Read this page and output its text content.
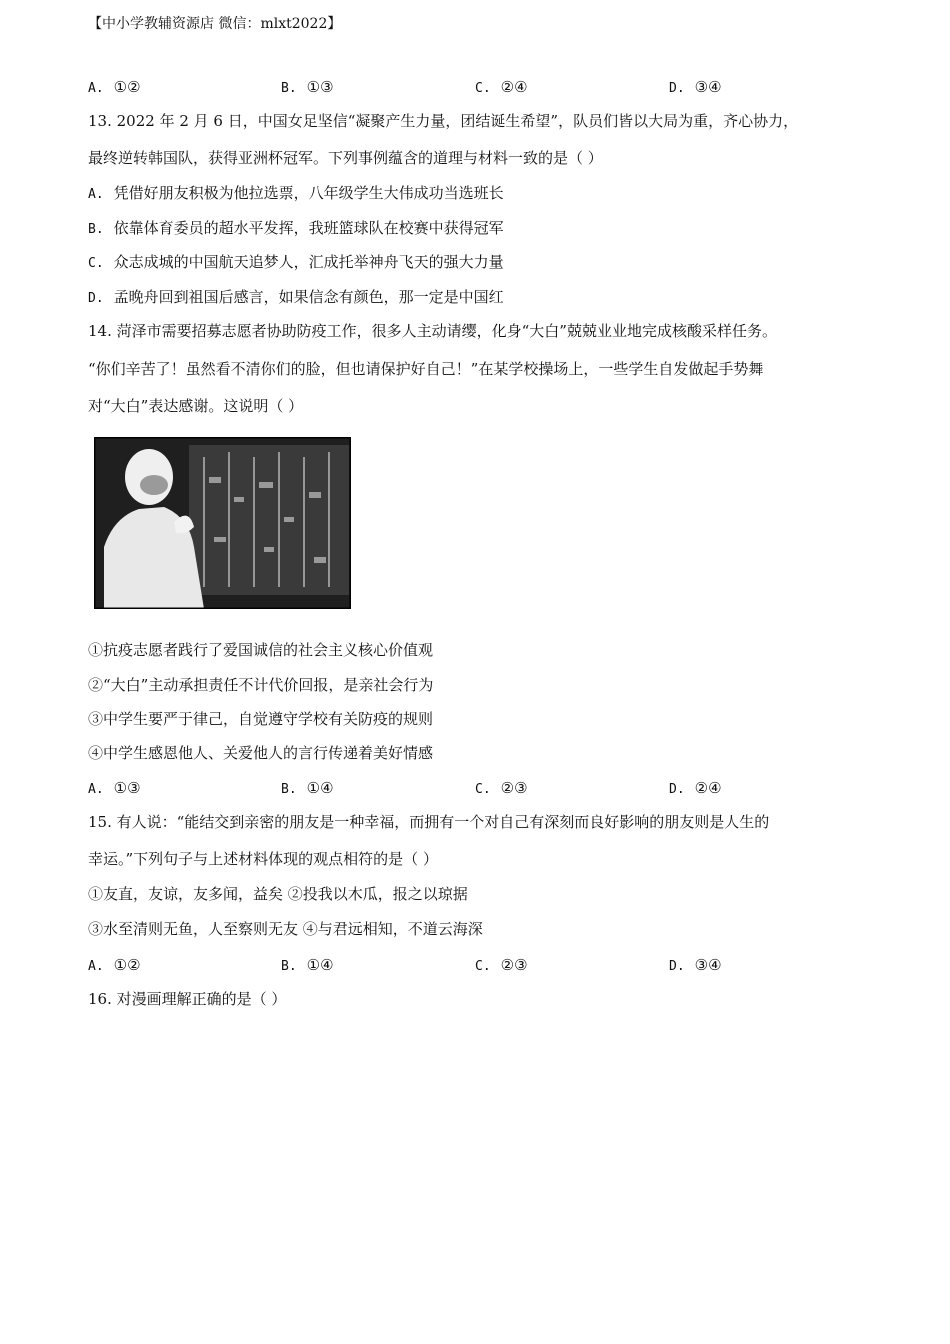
【中小学教辅资源店 微信：mlxt2022】
A. ①②	B. ①③	C. ②④	D. ③④
13. 2022 年 2 月 6 日，中国女足坚信“凝聚产生力量，团结诞生希望”，队员们皆以大局为重，齐心协力，
最终逆转韩国队，获得亚洲杯冠军。下列事例蕴含的道理与材料一致的是（ ）
A. 凭借好朋友积极为他拉选票，八年级学生大伟成功当选班长
B. 依靠体育委员的超水平发挥，我班篮球队在校赛中获得冠军
C. 众志成城的中国航天追梦人，汇成托举神舟飞天的强大力量
D. 孟晚舟回到祖国后感言，如果信念有颜色，那一定是中国红
14. 菏泽市需要招募志愿者协助防疫工作，很多人主动请缨，化身“大白”兢兢业业地完成核酸采样任务。
“你们辛苦了！虽然看不清你们的脸，但也请保护好自己！”在某学校操场上，一些学生自发做起手势舞
对“大白”表达感谢。这说明（ ）
①抗疫志愿者践行了爱国诚信的社会主义核心价值观
②“大白”主动承担责任不计代价回报，是亲社会行为
③中学生要严于律己，自觉遵守学校有关防疫的规则
④中学生感恩他人、关爱他人的言行传递着美好情感
A. ①③	B. ①④	C. ②③	D. ②④
15. 有人说：“能结交到亲密的朋友是一种幸福，而拥有一个对自己有深刻而良好影响的朋友则是人生的
幸运。”下列句子与上述材料体现的观点相符的是（ ）
①友直，友谅，友多闻，益矣 ②投我以木瓜，报之以琼据
③水至清则无鱼，人至察则无友 ④与君远相知，不道云海深
A. ①②	B. ①④	C. ②③	D. ③④
16. 对漫画理解正确的是（ ）
